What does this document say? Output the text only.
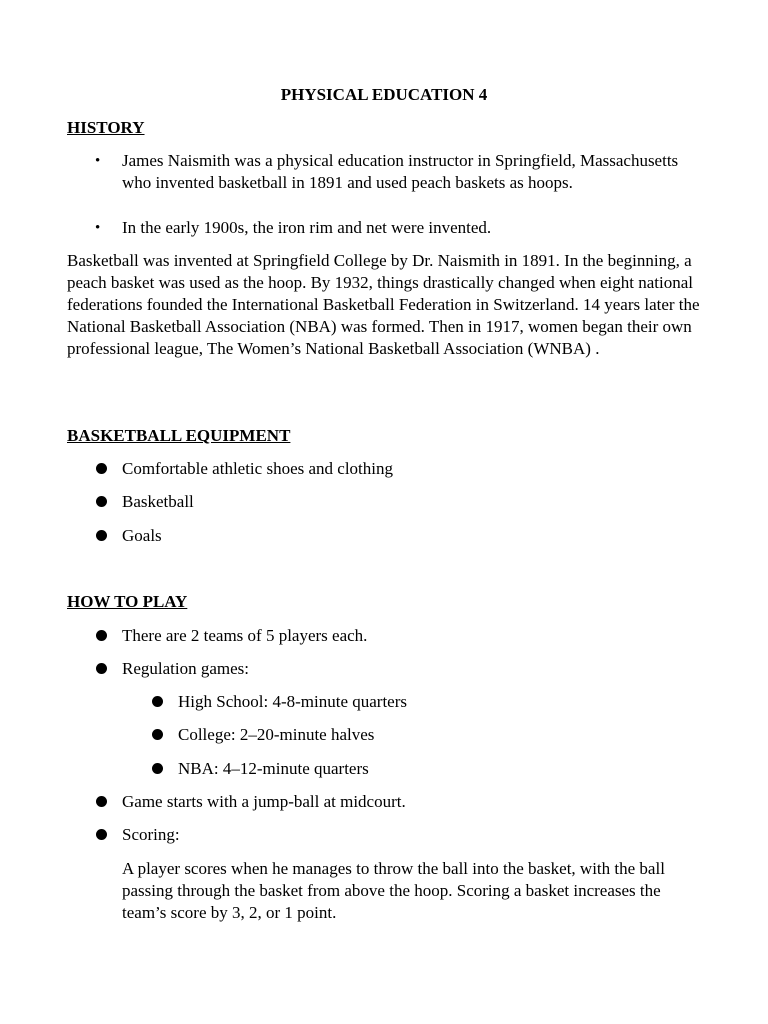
PHYSICAL EDUCATION 4
HISTORY
• James Naismith was a physical education instructor in Springfield, Massachusetts who invented basketball in 1891 and used peach baskets as hoops.
• In the early 1900s, the iron rim and net were invented.
Basketball was invented at Springfield College by Dr. Naismith in 1891. In the beginning, a peach basket was used as the hoop. By 1932, things drastically changed when eight national federations founded the International Basketball Federation in Switzerland. 14 years later the National Basketball Association (NBA) was formed. Then in 1917, women began their own professional league, The Women’s National Basketball Association (WNBA) .
BASKETBALL EQUIPMENT
Comfortable athletic shoes and clothing
Basketball
Goals
HOW TO PLAY
There are 2 teams of 5 players each.
Regulation games:
High School: 4-8-minute quarters
College: 2–20-minute halves
NBA: 4–12-minute quarters
Game starts with a jump-ball at midcourt.
Scoring:
A player scores when he manages to throw the ball into the basket, with the ball passing through the basket from above the hoop. Scoring a basket increases the team’s score by 3, 2, or 1 point.
